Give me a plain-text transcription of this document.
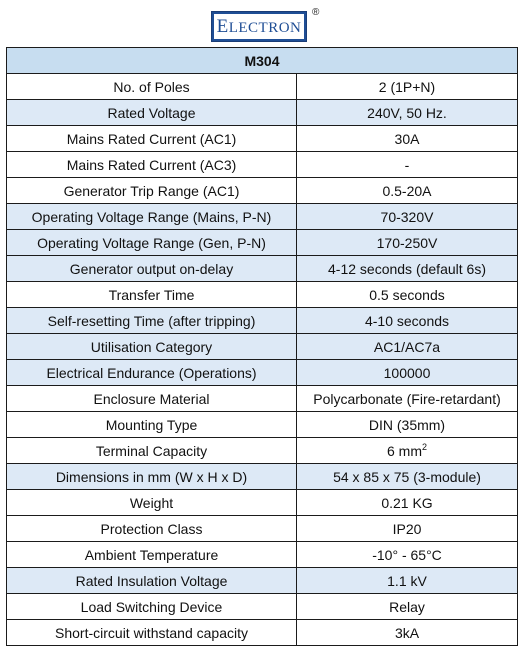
ELECTRON
®
M304	
No. of Poles	2 (1P+N)
Rated Voltage	240V, 50 Hz.
Mains Rated Current (AC1)	30A
Mains Rated Current (AC3)	-
Generator Trip Range (AC1)	0.5-20A
Operating Voltage Range (Mains, P-N)	70-320V
Operating Voltage Range (Gen, P-N)	170-250V
Generator output on-delay	4-12 seconds (default 6s)
Transfer Time	0.5 seconds
Self-resetting Time (after tripping)	4-10 seconds
Utilisation Category	AC1/AC7a
Electrical Endurance (Operations)	100000
Enclosure Material	Polycarbonate (Fire-retardant)
Mounting Type	DIN (35mm)
Terminal Capacity	6 $mm^2$
Dimensions in mm (W x H x D)	54 x 85 x 75 (3-module)
Weight	0.21 KG
Protection Class	IP20
Ambient Temperature	-10° - 65°C
Rated Insulation Voltage	1.1 kV
Load Switching Device	Relay
Short-circuit withstand capacity	3kA
